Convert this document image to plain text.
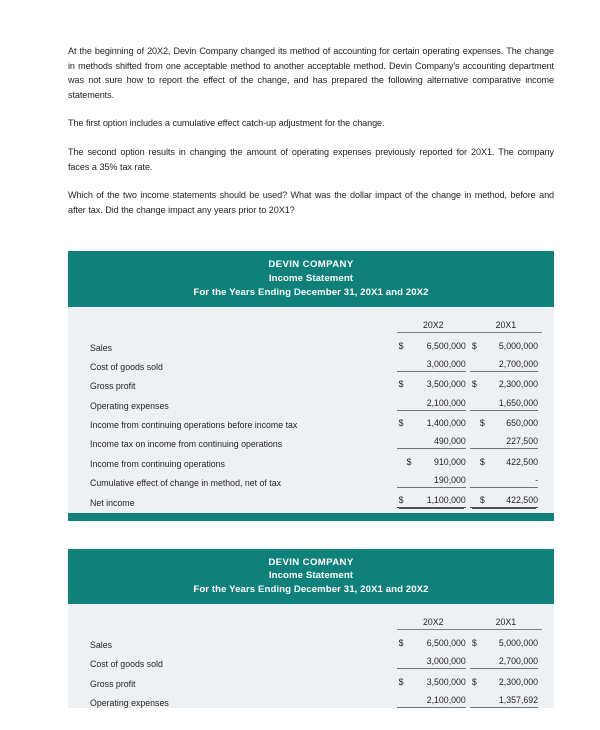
At the beginning of 20X2, Devin Company changed its method of accounting for certain operating expenses. The change in methods shifted from one acceptable method to another acceptable method. Devin Company's accounting department was not sure how to report the effect of the change, and has prepared the following alternative comparative income statements.

The first option includes a cumulative effect catch-up adjustment for the change.

The second option results in changing the amount of operating expenses previously reported for 20X1. The company faces a 35% tax rate.

Which of the two income statements should be used? What was the dollar impact of the change in method, before and after tax. Did the change impact any years prior to 20X1?

DEVIN COMPANY
Income Statement
For the Years Ending December 31, 20X1 and 20X2

	20X2	20X1

Sales	$ 6,500,000	$ 5,000,000

Cost of goods sold	3,000,000	2,700,000

Gross profit	$ 3,500,000	$ 2,300,000

Operating expenses	2,100,000	1,650,000

Income from continuing operations before income tax	$ 1,400,000	$ 650,000

Income tax on income from continuing operations	490,000	227,500

Income from continuing operations	$ 910,000	$ 422,500

Cumulative effect of change in method, net of tax	190,000	-

Net income	$ 1,100,000	$ 422,500
DEVIN COMPANY
Income Statement
For the Years Ending December 31, 20X1 and 20X2

	20X2	20X1

Sales	$ 6,500,000	$ 5,000,000

Cost of goods sold	3,000,000	2,700,000

Gross profit	$ 3,500,000	$ 2,300,000

Operating expenses	2,100,000	1,357,692
